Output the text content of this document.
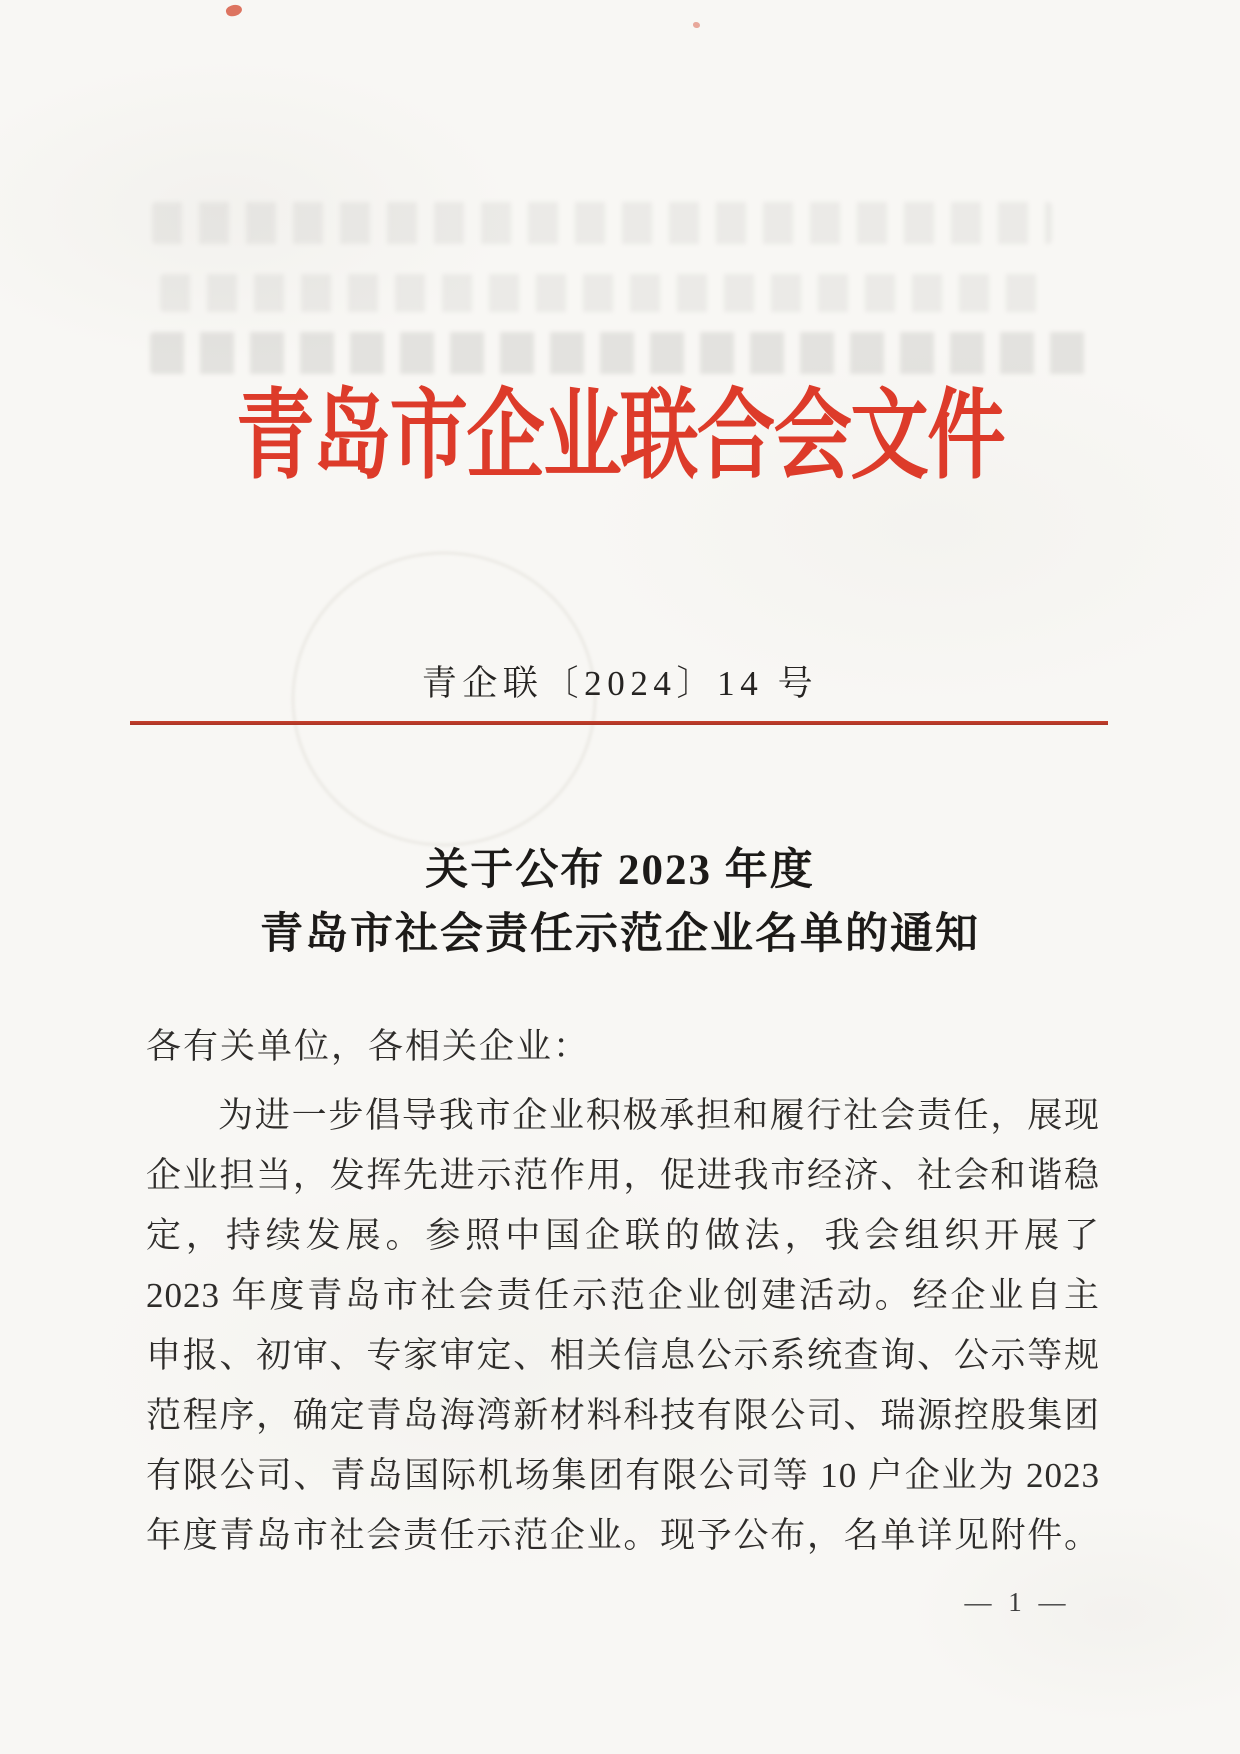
青岛市企业联合会文件
青企联〔2024〕14 号
关于公布 2023 年度
青岛市社会责任示范企业名单的通知
各有关单位，各相关企业：
为进一步倡导我市企业积极承担和履行社会责任，展现
企业担当，发挥先进示范作用，促进我市经济、社会和谐稳
定，持续发展。参照中国企联的做法，我会组织开展了
2023 年度青岛市社会责任示范企业创建活动。经企业自主
申报、初审、专家审定、相关信息公示系统查询、公示等规
范程序，确定青岛海湾新材料科技有限公司、瑞源控股集团
有限公司、青岛国际机场集团有限公司等 10 户企业为 2023
年度青岛市社会责任示范企业。现予公布，名单详见附件。
— 1 —
